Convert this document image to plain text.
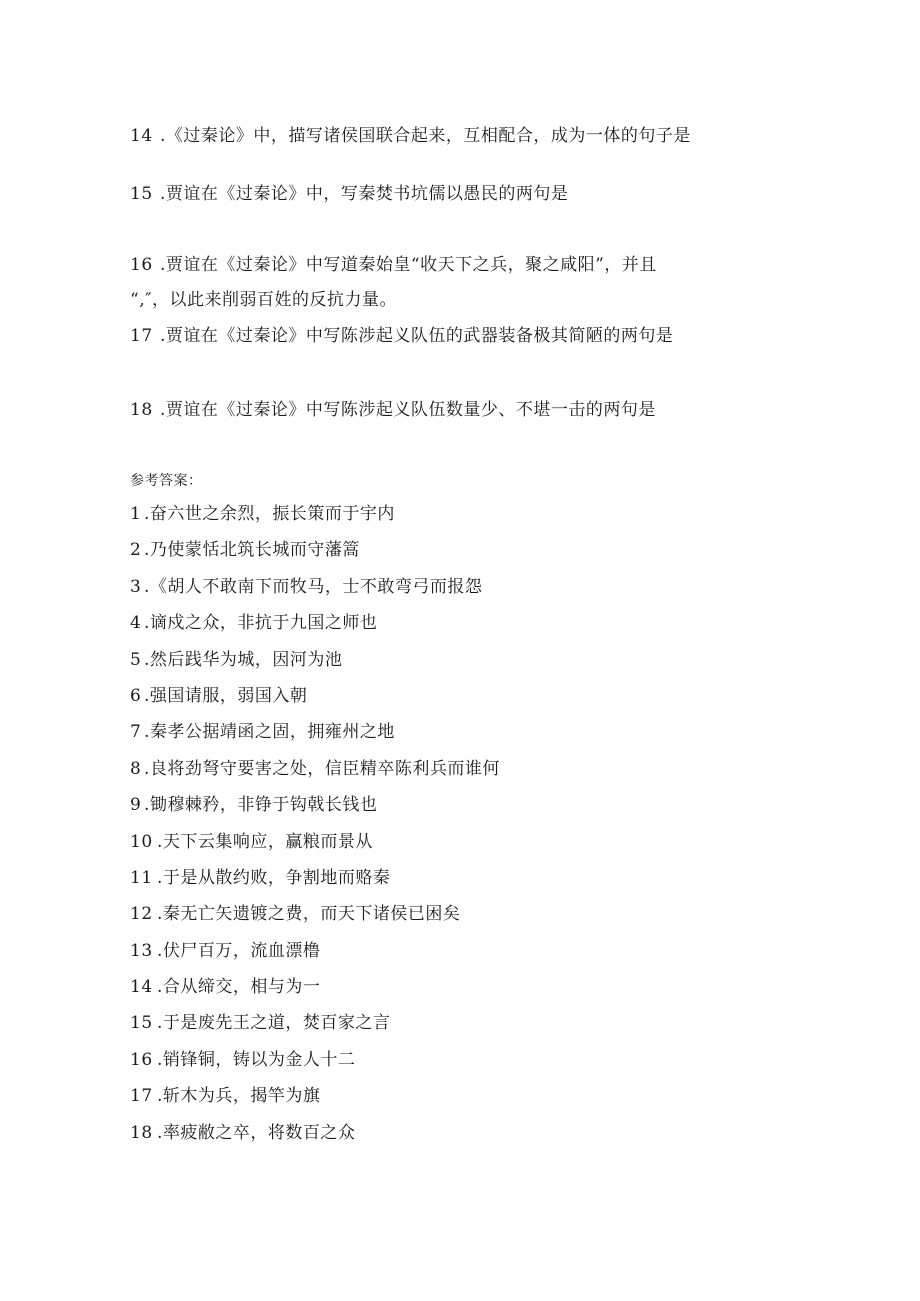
14 .《过秦论》中，描写诸侯国联合起来，互相配合，成为一体的句子是
15 .贾谊在《过秦论》中，写秦焚书坑儒以愚民的两句是
16 .贾谊在《过秦论》中写道秦始皇“收天下之兵，聚之咸阳”，并且
“,″，以此来削弱百姓的反抗力量。
17 .贾谊在《过秦论》中写陈涉起义队伍的武器装备极其简陋的两句是
18 .贾谊在《过秦论》中写陈涉起义队伍数量少、不堪一击的两句是
参考答案：
1 .奋六世之余烈，振长策而于宇内
2 .乃使蒙恬北筑长城而守藩篙
3 .《胡人不敢南下而牧马，士不敢弯弓而报怨
4 .谪戍之众，非抗于九国之师也
5 .然后践华为城，因河为池
6 .强国请服，弱国入朝
7 .秦孝公据靖函之固，拥雍州之地
8 .良将劲弩守要害之处，信臣精卒陈利兵而谁何
9 .锄穆棘矜，非铮于钩戟长钱也
10 .天下云集响应，赢粮而景从
11 .于是从散约败，争割地而赂秦
12 .秦无亡矢遗镀之费，而天下诸侯已困矣
13 .伏尸百万，流血漂橹
14 .合从缔交，相与为一
15 .于是废先王之道，焚百家之言
16 .销锋铜，铸以为金人十二
17 .斩木为兵，揭竿为旗
18 .率疲敝之卒，将数百之众
